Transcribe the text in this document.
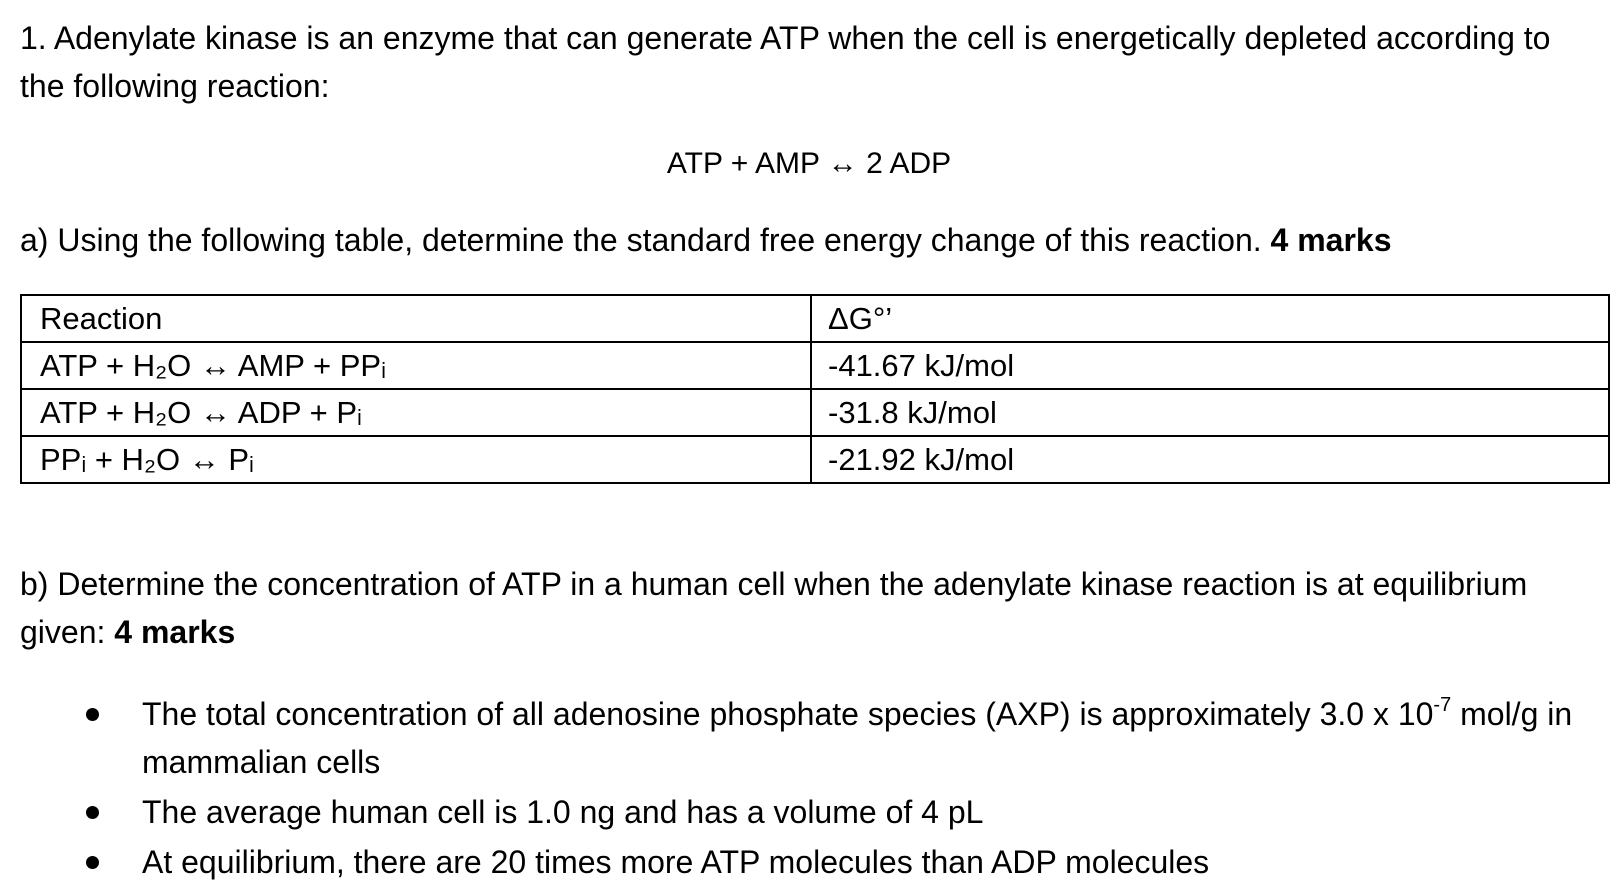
1. Adenylate kinase is an enzyme that can generate ATP when the cell is energetically depleted according to the following reaction:
ATP + AMP ↔ 2 ADP
a) Using the following table, determine the standard free energy change of this reaction. 4 marks
Reaction	ΔG°’
ATP + H₂O ↔ AMP + PPᵢ	-41.67 kJ/mol
ATP + H₂O ↔ ADP + Pᵢ	-31.8 kJ/mol
PPᵢ + H₂O ↔ Pᵢ	-21.92 kJ/mol
b) Determine the concentration of ATP in a human cell when the adenylate kinase reaction is at equilibrium given: 4 marks
The total concentration of all adenosine phosphate species (AXP) is approximately 3.0 x $10^{-7}$ mol/g in mammalian cells
The average human cell is 1.0 ng and has a volume of 4 pL
At equilibrium, there are 20 times more ATP molecules than ADP molecules
